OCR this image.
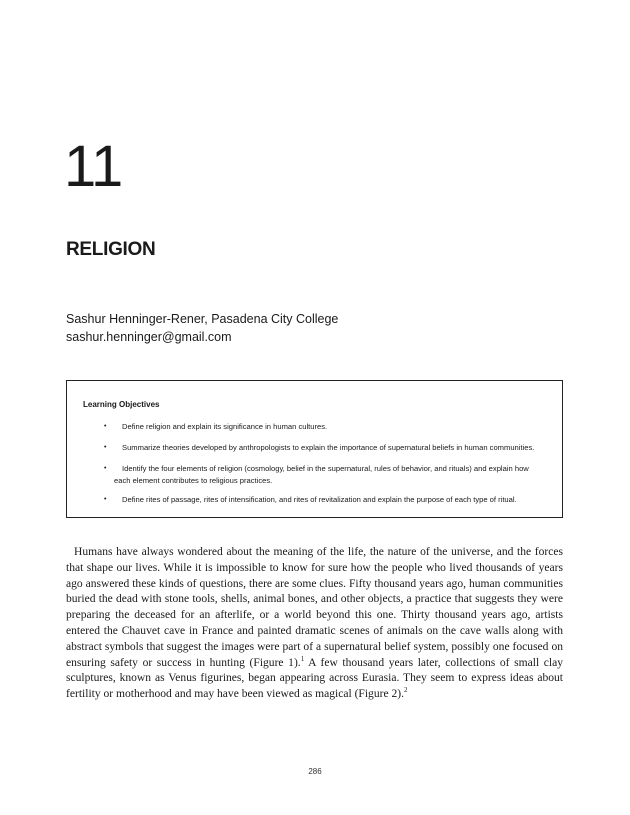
11
RELIGION
Sashur Henninger-Rener, Pasadena City College
sashur.henninger@gmail.com
Learning Objectives
•	Define religion and explain its significance in human cultures.
•	Summarize theories developed by anthropologists to explain the importance of supernatural beliefs in human communities.
•	Identify the four elements of religion (cosmology, belief in the supernatural, rules of behavior, and rituals) and explain how each element contributes to religious practices.
•	Define rites of passage, rites of intensification, and rites of revitalization and explain the purpose of each type of ritual.

Humans have always wondered about the meaning of the life, the nature of the universe, and the forces that shape our lives. While it is impossible to know for sure how the people who lived thousands of years ago answered these kinds of questions, there are some clues. Fifty thousand years ago, human communities buried the dead with stone tools, shells, animal bones, and other objects, a practice that suggests they were preparing the deceased for an afterlife, or a world beyond this one. Thirty thousand years ago, artists entered the Chauvet cave in France and painted dramatic scenes of animals on the cave walls along with abstract symbols that suggest the images were part of a supernatural belief system, possibly one focused on ensuring safety or success in hunting (Figure 1).$^1$ A few thousand years later, collections of small clay sculptures, known as Venus figurines, began appearing across Eurasia. They seem to express ideas about fertility or motherhood and may have been viewed as magical (Figure 2).$^2$

286
